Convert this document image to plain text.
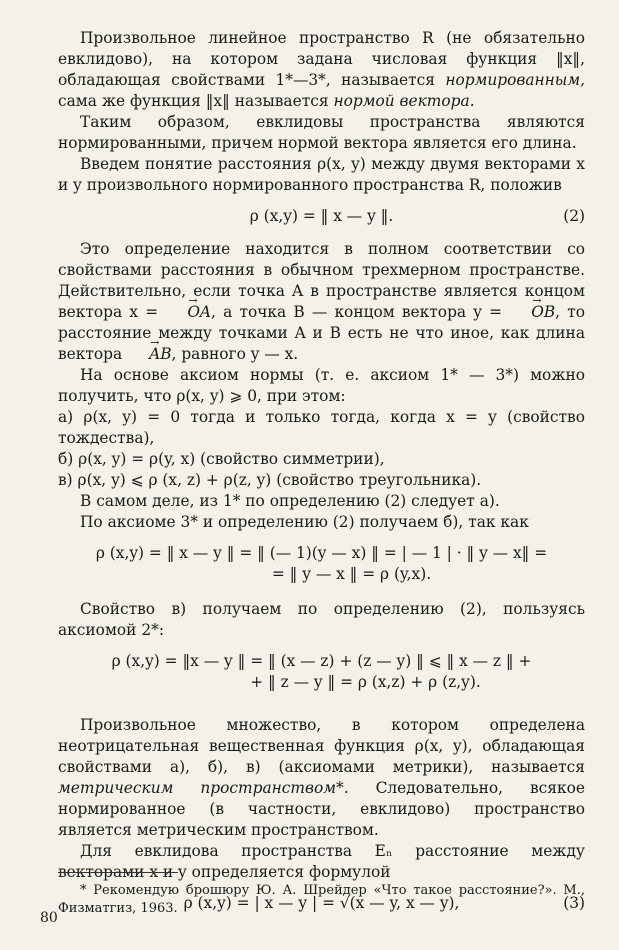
Произвольное линейное пространство R (не обязательно евклидово), на котором задана числовая функция ‖x‖, обладающая свойствами 1*—3*, называется нормированным, сама же функция ‖x‖ называется нормой вектора.

Таким образом, евклидовы пространства являются нормированными, причем нормой вектора является его длина.

Введем понятие расстояния ρ(x, y) между двумя векторами x и y произвольного нормированного пространства R, положив

ρ (x,y) = ‖ x — y ‖.	(2)

Это определение находится в полном соответствии со свойствами расстояния в обычном трехмерном пространстве. Действительно, если точка A в пространстве является концом вектора x = → OA, а точка B — концом вектора y = → OB, то расстояние между точками A и B есть не что иное, как длина вектора → AB, равного y — x.

На основе аксиом нормы (т. е. аксиом 1* — 3*) можно получить, что ρ(x, y) ⩾ 0, при этом:

а) ρ(x, y) = 0 тогда и только тогда, когда x = y (свойство тождества),

б) ρ(x, y) = ρ(y, x) (свойство симметрии),

в) ρ(x, y) ⩽ ρ (x, z) + ρ(z, y) (свойство треугольника).

В самом деле, из 1* по определению (2) следует а).

По аксиоме 3* и определению (2) получаем б), так как

ρ (x,y) = ‖ x — y ‖ = ‖ (— 1)(y — x) ‖ = | — 1 | · ‖ y — x‖ =
= ‖ y — x ‖ = ρ (y,x).

Свойство в) получаем по определению (2), пользуясь аксиомой 2*:

ρ (x,y) = ‖x — y ‖ = ‖ (x — z) + (z — y) ‖ ⩽ ‖ x — z ‖ +
+ ‖ z — y ‖ = ρ (x,z) + ρ (z,y).

Произвольное множество, в котором определена неотрицательная вещественная функция ρ(x, y), обладающая свойствами а), б), в) (аксиомами метрики), называется метрическим пространством*. Следовательно, всякое нормированное (в частности, евклидово) пространство является метрическим пространством.

Для евклидова пространства Eₙ расстояние между векторами x и y определяется формулой

ρ (x,y) = | x — y | = √(x — y, x — y),	(3)
* Рекомендую брошюру Ю. А. Шрейдер «Что такое расстояние?». М., Физматгиз, 1963.
80
